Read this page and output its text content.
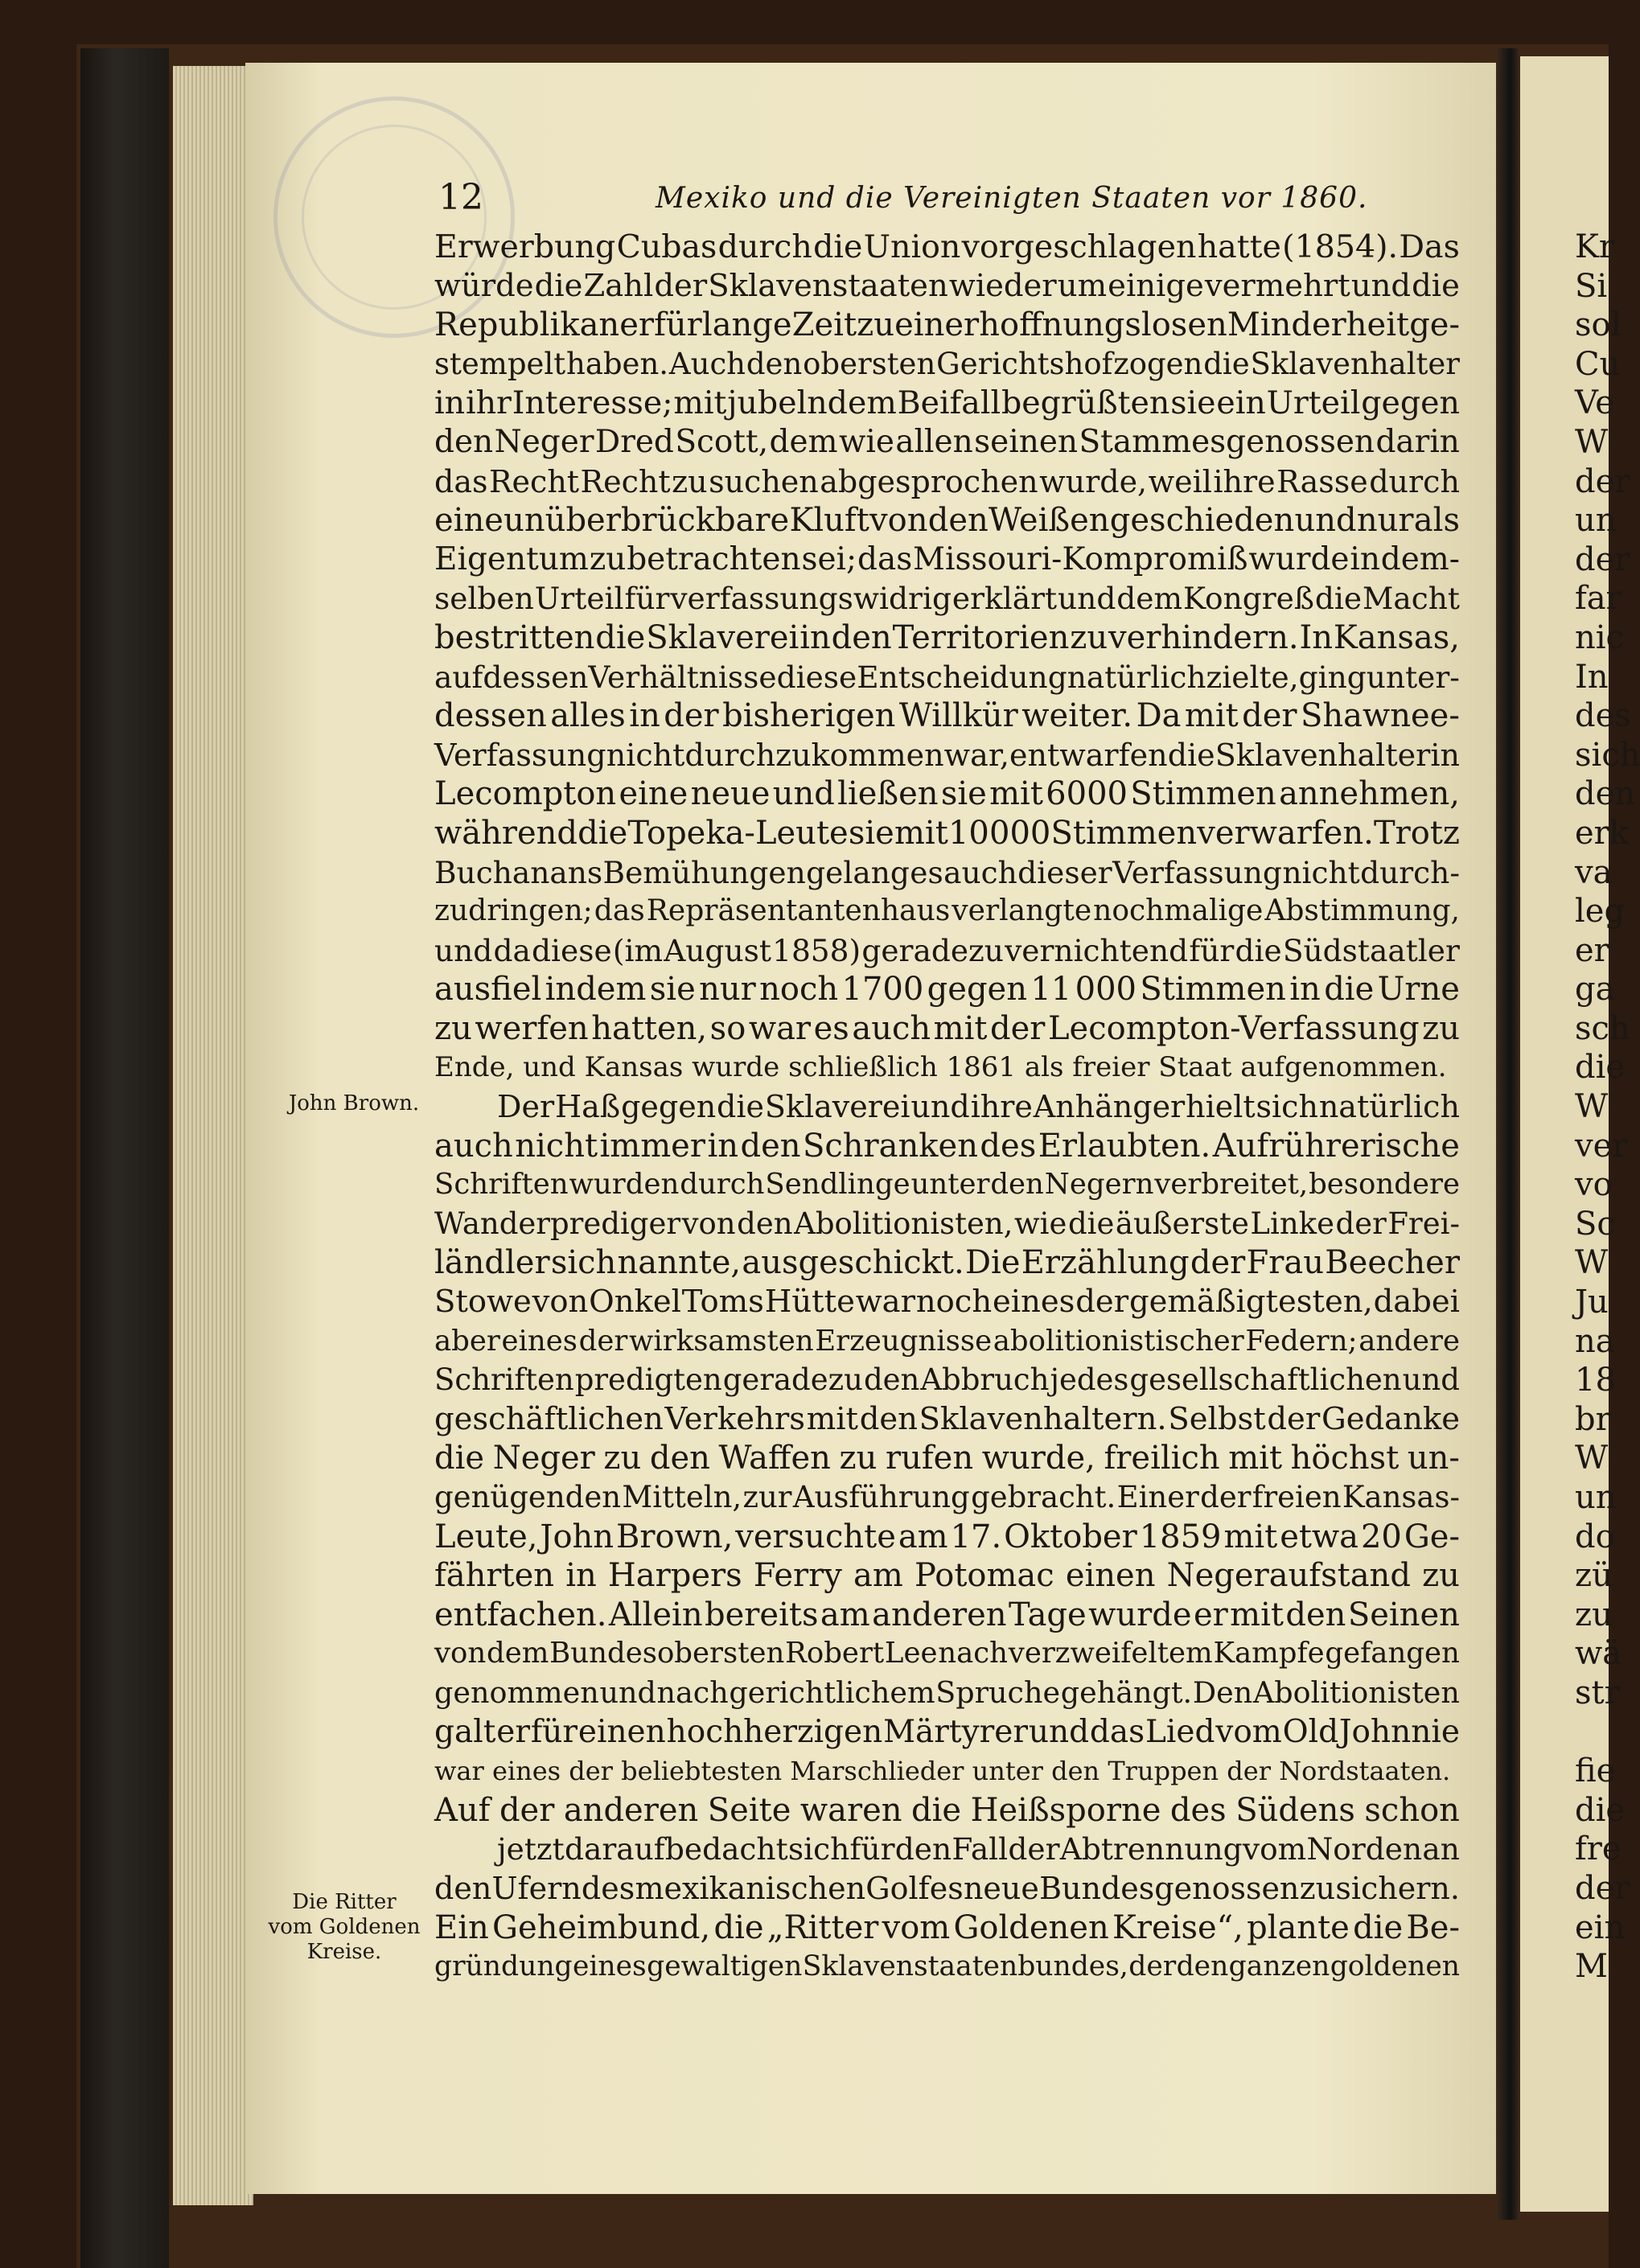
12	Mexiko und die Vereinigten Staaten vor 1860.
John Brown.
Die Ritter
vom Goldenen
Kreise.
Erwerbung Cubas durch die Union vorgeschlagen hatte (1854). Das
würde die Zahl der Sklavenstaaten wieder um einige vermehrt und die
Republikaner für lange Zeit zu einer hoffnungslosen Minderheit ge-
stempelt haben. Auch den obersten Gerichtshof zogen die Sklavenhalter
in ihr Interesse; mit jubelndem Beifall begrüßten sie ein Urteil gegen
den Neger Dred Scott, dem wie allen seinen Stammesgenossen darin
das Recht Recht zu suchen abgesprochen wurde, weil ihre Rasse durch
eine unüberbrückbare Kluft von den Weißen geschieden und nur als
Eigentum zu betrachten sei; das Missouri-Kompromiß wurde in dem-
selben Urteil für verfassungswidrig erklärt und dem Kongreß die Macht
bestritten die Sklaverei in den Territorien zu verhindern. In Kansas,
auf dessen Verhältnisse diese Entscheidung natürlich zielte, ging unter-
dessen alles in der bisherigen Willkür weiter. Da mit der Shawnee-
Verfassung nicht durchzukommen war, entwarfen die Sklavenhalter in
Lecompton eine neue und ließen sie mit 6000 Stimmen annehmen,
während die Topeka-Leute sie mit 10 000 Stimmen verwarfen. Trotz
Buchanans Bemühungen gelang es auch dieser Verfassung nicht durch-
zudringen; das Repräsentantenhaus verlangte nochmalige Abstimmung,
und da diese (im August 1858) geradezu vernichtend für die Südstaatler
ausfiel indem sie nur noch 1700 gegen 11 000 Stimmen in die Urne
zu werfen hatten, so war es auch mit der Lecompton-Verfassung zu
Ende, und Kansas wurde schließlich 1861 als freier Staat aufgenommen.
Der Haß gegen die Sklaverei und ihre Anhänger hielt sich natürlich
auch nicht immer in den Schranken des Erlaubten. Aufrührerische
Schriften wurden durch Sendlinge unter den Negern verbreitet, besondere
Wanderprediger von den Abolitionisten, wie die äußerste Linke der Frei-
ländler sich nannte, ausgeschickt. Die Erzählung der Frau Beecher
Stowe von Onkel Toms Hütte war noch eines der gemäßigtesten, dabei
aber eines der wirksamsten Erzeugnisse abolitionistischer Federn; andere
Schriften predigten geradezu den Abbruch jedes gesellschaftlichen und
geschäftlichen Verkehrs mit den Sklavenhaltern. Selbst der Gedanke
die Neger zu den Waffen zu rufen wurde, freilich mit höchst un-
genügenden Mitteln, zur Ausführung gebracht. Einer der freien Kansas-
Leute, John Brown, versuchte am 17. Oktober 1859 mit etwa 20 Ge-
fährten in Harpers Ferry am Potomac einen Negeraufstand zu
entfachen. Allein bereits am anderen Tage wurde er mit den Seinen
von dem Bundesobersten Robert Lee nach verzweifeltem Kampfe gefangen
genommen und nach gerichtlichem Spruche gehängt. Den Abolitionisten
galt er für einen hochherzigen Märtyrer und das Lied vom Old Johnnie
war eines der beliebtesten Marschlieder unter den Truppen der Nordstaaten.
Auf der anderen Seite waren die Heißsporne des Südens schon
jetzt darauf bedacht sich für den Fall der Abtrennung vom Norden an
den Ufern des mexikanischen Golfes neue Bundesgenossen zu sichern.
Ein Geheimbund, die „Ritter vom Goldenen Kreise“, plante die Be-
gründung eines gewaltigen Sklavenstaatenbundes, der den ganzen goldenen
Kr
Si
sol
Cu
Ve
W
der
un
der
far
nic
In
des
sich
den
erk
va
leg
er
ga
sch
die
W
ver
vo
Sc
W
Ju
na
18
br
W
un
do
zü
zu
wä
str
fie
die
fre
der
ein
M
